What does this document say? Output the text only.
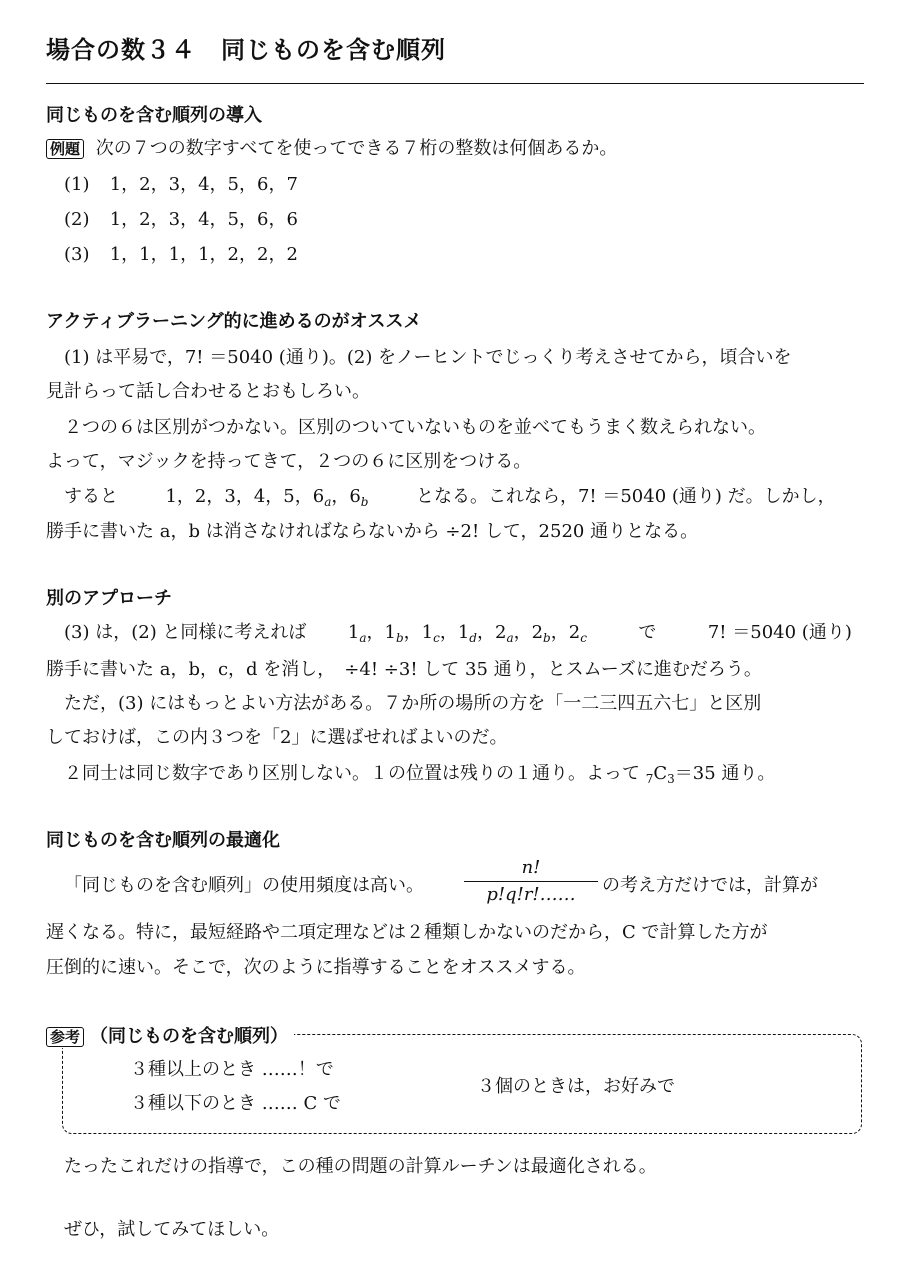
場合の数３４　同じものを含む順列
同じものを含む順列の導入
例題 次の７つの数字すべてを使ってできる７桁の整数は何個あるか。
(1) 1，2，3，4，5，6，7
(2) 1，2，3，4，5，6，6
(3) 1，1，1，1，2，2，2
アクティブラーニング的に進めるのがオススメ
(1) は平易で，7! ＝5040 (通り)。(2) をノーヒントでじっくり考えさせてから，頃合いを
見計らって話し合わせるとおもしろい。
２つの６は区別がつかない。区別のついていないものを並べてもうまく数えられない。
よって，マジックを持ってきて，２つの６に区別をつける。
すると	1，2，3，4，5，$6_a$，$6_b$	となる。これなら，7! ＝5040 (通り) だ。しかし，
勝手に書いた a，b は消さなければならないから ÷2! して，2520 通りとなる。
別のアプローチ
(3) は，(2) と同様に考えれば $1_a$，$1_b$，$1_c$，$1_d$，$2_a$，$2_b$，$2_c$	で	7! ＝5040 (通り)
勝手に書いた a，b，c，d を消し，　÷4! ÷3! して 35 通り，とスムーズに進むだろう。
ただ，(3) にはもっとよい方法がある。７か所の場所の方を「一二三四五六七」と区別
しておけば，この内３つを「2」に選ばせればよいのだ。
２同士は同じ数字であり区別しない。１の位置は残りの１通り。よって $_7C_3=35$ 通り。
同じものを含む順列の最適化
「同じものを含む順列」の使用頻度は高い。
n!
p!q!r!……	の考え方だけでは，計算が
遅くなる。特に，最短経路や二項定理などは２種類しかないのだから，C で計算した方が
圧倒的に速い。そこで，次のように指導することをオススメする。
参考 （同じものを含む順列）
３種以上のとき ……！で
３種以下のとき …… C で
３個のときは，お好みで
たったこれだけの指導で，この種の問題の計算ルーチンは最適化される。
ぜひ，試してみてほしい。
